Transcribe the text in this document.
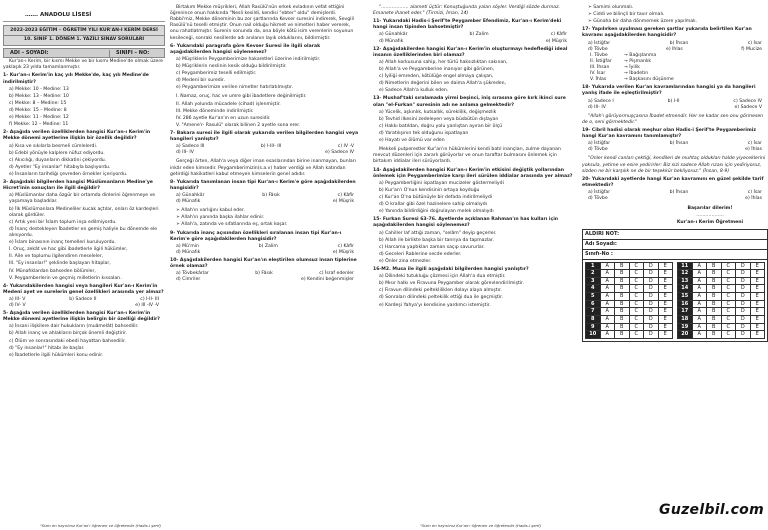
……. ANADOLU LİSESİ
2022-2023 EĞİTİM – ÖĞRETİM YILI KUR'AN-I KERİM DERSİ
10. SINIF 1. DÖNEM 1. YAZILI SINAV SORULARI
ADI – SOYADI:	SINIFI – NO:

Kur'an-ı Kerim, bir kısmı Mekke ve bir kısmı Medine'de olmak üzere yaklaşık 23 yılda tamamlanmıştır.

1- Kur'an-ı Kerim'in kaç yılı Mekke'de, kaç yılı Medine'de indirilmiştir?

a) Mekke: 10 - Medine: 13

b) Mekke: 13 - Medine: 10

c) Mekke: 8 – Medine: 15

d) Mekke: 15 – Medine: 8

e) Mekke: 11 - Medine: 12

f) Mekke: 12 – Medine: 11

2- Aşağıda verilen özelliklerden hangisi Kur'an-ı Kerim'in Mekke dönemi ayetlerine ilişkin bir özellik değildir?

a) Kısa ve sıkılarla besmeli cümlelerdi.

b) Edebî yönüyle kalplere nüfuz ediyordu.

c) Akıcılığı, duyanların dikkatini çekiyordu.

d) Ayetler "Ey insanlar" hitabıyla başlıyordu.

e) İnsanların tarihdiğı çevreden örnekler içeriyordu.

3- Aşağıdaki bilgilerden hangisi Müslümanların Medine'ye Hicret'inin sonuçları ile ilgili değildir?

a) Müslümanlar daha özgür bir ortamda dinlerini öğrenmeye ve yaşamaya başladılar.

b) İlk Müslümanlara Medineliler kucak açtılar, onları öz kardeşleri olarak gördüler.

c) Artık yeni bir İslam toplum inşa edilmiyordu.

d) İnanç destekleyen İbadetler en gemiş haliyle bu dönemde ele alınıyordu.

e) İslam binasının inanç temelleri kuruluyordu.

I. Oruç, zekât ve hac gibi ibadetlerle ilgili hükümler,

II. Aile ve toplumu ilgilendiren meseleler,

III. "Ey insanlar!" şeklinde başlayan hitaplar,

IV. Münafıklardan bahseden bölümler,

V. Peygamberlerin ve geçmiş milletlerin kıssaları.

4- Yukarıdakilerden hangisi veya hangileri Kur'an-ı Kerim'in Medeni ayet ve surelerin genel özellikleri arasında yer almaz?

a) III- V	b) Sadece II	c) I-II- III
d) IV- V	e) III -IV -V

5- Aşağıda verilen özelliklerden hangisi Kur'an-ı Kerim'in Mekke dönemi ayetlerine ilişkin belirgin bir özelliği değildir?

a) İnsani ilişkilere dair hukukların (muâmelât) bahsedilir.

b) Allah inanç ve ahlakların birçok önemli değiştirir.

c) Ölüm ve sonrasındaki ebedi hayattan bahsedilir.

d) "Ey insanlar!" hitabı ile başlar.

e) İbadetlerle ilgili hükümleri konu edinir.

Birtakım Mekke müşrikleri, Allah Rasülü'nün erkek evladının vefat ettiğini öğrenince onun hakkında "Nesli kesildi, kendisi "ebter" oldu" demişlerdi. Rabbi'miz, Mekke döneminin bu zor şartlarında Kevser suresini indirerek, Sevgili Rasülü'nü teselli etmiştir. Onun nail olduğu hikmet ve nimetleri haber vererek, onu rahatlatmıştır. Surenin sonunda da, ona böyle kötü isim verenlerin soyunun kesileceği, sonraki nesillerde adı anılanın layık olduklarını, bildirmiştir.

6- Yukarıdaki paragrafa göre Kevser Suresi ile ilgili olarak aşağıdakilerden hangisi söylenemez?

a) Müşriklerin Peygamberimize hakaretleri üzerine indirilmiştir.

b) Müşriklerin neslinin kesik olduğu bildirilmiştir.

c) Peygamberimiz teselli edilmiştir.

d) Medenî bir suredir.

e) Peygamberimize verilen nimetler hatırlatılmıştır.

I. Namaz, oruç, hac ve umre gibi ibadetlere değinilmiştir.

II. Allah yolunda mücadele (cihad) işlenmiştir.

III. Mekke döneminde indirilmiştir.

IV. 286 ayetle Kur'an'ın en uzun suresidir.

V. "Amene'r- Rasulü" olarak bilinen 2 ayetle sona erer.

7- Bakara suresi ile ilgili olarak yukarıda verilen bilgilerden hangisi veya hangileri yanlıştır?

a) Sadece III	b) I-III- III	c) IV -V
d) III- IV	e) Sadece IV

Gerçeği örten, Allah'a veya diğer iman esaslarından birine inanmayan, bunları inkâr eden kimsedir. Peygamberimizin(s.a.v) haber verdiği ve Allah katından getirdiği hakikatleri kabul etmeyen kimselerin genel adıdır.

8- Yukarıda tanımlanan insan tipi Kur'an-ı Kerim'e göre aşağıdakilerden hangisidir?

a) Günahkâr	b) Fâsık	c) Kâfir
d) Münafık	e) Müşrik

➢ Allah'ın varlığını kabul eder.

➢ Allah'ın yanında başka ilahlar edinir.

➢ Allah'a, zatında ve sıfatlarında eş, ortak koşar.

9- Yukarıda inanç açısından özellikleri sıralanan insan tipi Kur'an-ı Kerim'e göre aşağıdakilerden hangisidir?

a) Mü'min	b) Zalim	c) Kâfir
d) Münafık	e) Müşrik

10- Aşağıdakilerden hangisi Kur'an'ın eleştirilen olumsuz insan tiplerine örnek olamaz?

a) Tövbekârlar	b) Fâsık	c) İsraf edenler
d) Cimriler	e) Kendini beğenmişler

"……………… alameti üçtür: Konuştuğunda yalan söyler. Verdiği sözde durmaz. Emanete ihanet eder." (Tirmizi, İman, 14)

11- Yukarıdaki Hadis-i Şerif'te Peygamber Efendimiz, Kur'an-ı Kerim'deki hangi insan tipinden bahsetmiştir?

a) Günahkâr	b) Zalim	c) Kâfir
d) Münafık	e) Müşrik

12- Aşağıdakilerden hangisi Kur'an-ı Kerim'in oluşturmayı hedeflediği ideal insanın özelliklerinden biri olamaz?

a) Allah korkusuna sahip, her türlü haksızlıktan sakınan,

b) Allah'a ve Peygamberine inanıyor gibi görünen,

c) İyiliği emreden, kötülüğe engel olmaya çalışan,

d) Nimetlerin değerini bilen ve daima Allah'a şükreden,

e) Sadece Allah'a kulluk eden.

13- Mushaf'taki sıralamada yirmi beşinci, iniş sırasına göre kırk ikinci sure olan "el-Furkan" suresinin adı ne anlama gelmektedir?

a) Yücelik, aşkınlık, kutsallık, süreklilik, değişmezlik

b) Tevhid ilkesini zedeleyen veya büsbütün dışlayan

c) Hakkı batıldan, doğru yolu yanlıştan ayıran bir ölçü

d) Yaratılışının tek olduğunu ispatlayan

e) Hayatı ve ölümü var eden

Mekkeli putperestler Kur'an'ın hükümlerini kendi batıl inançları, zulme dayanan mevcut düzenleri için zararlı görüyorlar ve onun taraftar bulmasını önlemek için birtakım iddialar ileri sürüyorlardı.

14- Aşağıdakilerden hangisi Kur'an-ı Kerim'in etkisini değiştik yollarından önlemek için Peygamberimize karşı ileri sürülen iddialar arasında yer almaz?

a) Peygamberliğini ispatlayan mucizeler göstermeliydi

b) Kur'an'ı O'nun kendisinin ortaya koyduğu

c) Kur'an O'na bütünüyle bir defada indirilmeliydi

d) O krallar gibi özel hazinelere sahip olmalıydı

e) Yanında bildirdiğini doğrulayan melek olmalıydı

15- Furkan Suresi 63-76. Ayetlerde açıklanan Rahman'ın has kulları için aşağıdakilerden hangisi söylenemez?

a) Cahiller laf attığı zaman, "selâm" deyip geçerler.

b) Allah ile birlikte başka bir tanrıya da tapmazlar.

c) Harcama yaptıkları zaman saçıp savururlar.

d) Geceleri Rablerine secde ederler.

e) Önler zina etmezler.

16-M2. Musa ile ilgili aşağıdaki bilgilerden hangisi yanlıştır?

a) Dilindeki tutukluğu çözmesi için Allah'a dua etmiştir.

b) Mısır halkı ve Firavuna Peygamber olarak görevlendirilmiştir.

c) Firavun dilindeki peltekliliklen dolayı alaya almıştır.

d) Sonraları dilindeki peltekilik ettiği dua ile geçmiştir.

e) Kardeşi Yahya'yı kendisine yardımcı istemiştir.

➢ Samimi olunmalı.

➢ Ciddi ve bilinçli bir tavır olmalı.

➢ Günaha bir daha dönmemek üzere yapılmalı.

17- Yapılırken uyulması gereken şartlar yukarıda belirtilen Kur'an kavramı aşağıdakilerden hangisidir?

a) İstiğfar	b) İhsan	c) İsar
d) Tövbe	e) Ihlas	f) Mucize
I. Tövbe	→ Bağışlanma
II. İstiğfar	→ Pişmanlık
III. İhsan	→ İyilik
IV. İsar	→ İbadetin
V. İhlas	→ Başkasını düşünme

18- Yukarıda verilen Kur'an kavramlarından hangisi ya da hangileri yanlış ifade ile eşleştirilmiştir?

a) Sadece I	b) I-II	c) Sadece IV
d) III- IV	e) Sadece V

"Allah'ı görüyormuşçasına İbadet etmendir. Her ne kadar sen onu görmesen de o, seni görmektedir."

19- Cibril hadisi olarak meşhur olan Hadis-i Şerif'te Peygamberimiz hangi Kur'an kavramını tanımlamıştır?

a) İstiğfar	b) İhsan	c) İsar
d) Tövbe	e) İhlas

"Onler kendi canları çektiği, kendileri de muhtaç oldukları halde yiyeceklerini yoksula, yetime ve esire yedirirler: Biz sizi sadece Allah rızası için yediriyoruz, sizden ne bir karşılık ne de bir teşekkür bekliyoruz." (İnsan, 8-9)

20- Yukarıdaki ayetlerde hangi Kur'an kavramını en güzel şekilde tarif etmektedir?

a) İstiğfar	b) İhsan	c) İsar
d) Tövbe	e) İhlas

Başarılar dilerim!

………………

Kur'an-ı Kerim Öğretmeni

ALDIRI NOT:
Adı Soyadı:
Sınıfı-No :
1	A	B	C	D	E
2	A	B	C	D	E
3	A	B	C	D	E
4	A	B	C	D	E
5	A	B	C	D	E
6	A	B	C	D	E
7	A	B	C	D	E
8	A	B	C	D	E
9	A	B	C	D	E
10	A	B	C	D	E
11	A	B	C	D	E
12	A	B	C	D	E
13	A	B	C	D	E
14	A	B	C	D	E
15	A	B	C	D	E
16	A	B	C	D	E
17	A	B	C	D	E
18	A	B	C	D	E
19	A	B	C	D	E
20	A	B	C	D	E
"Sizin en hayırlınız Kur'an'ı öğrenen ve öğretendir (Hadis-i şerif)	"Sizin en hayırlınız Kur'an'ı öğrenen ve öğretendir (Hadis-i şerif)
Guzelbil.com
